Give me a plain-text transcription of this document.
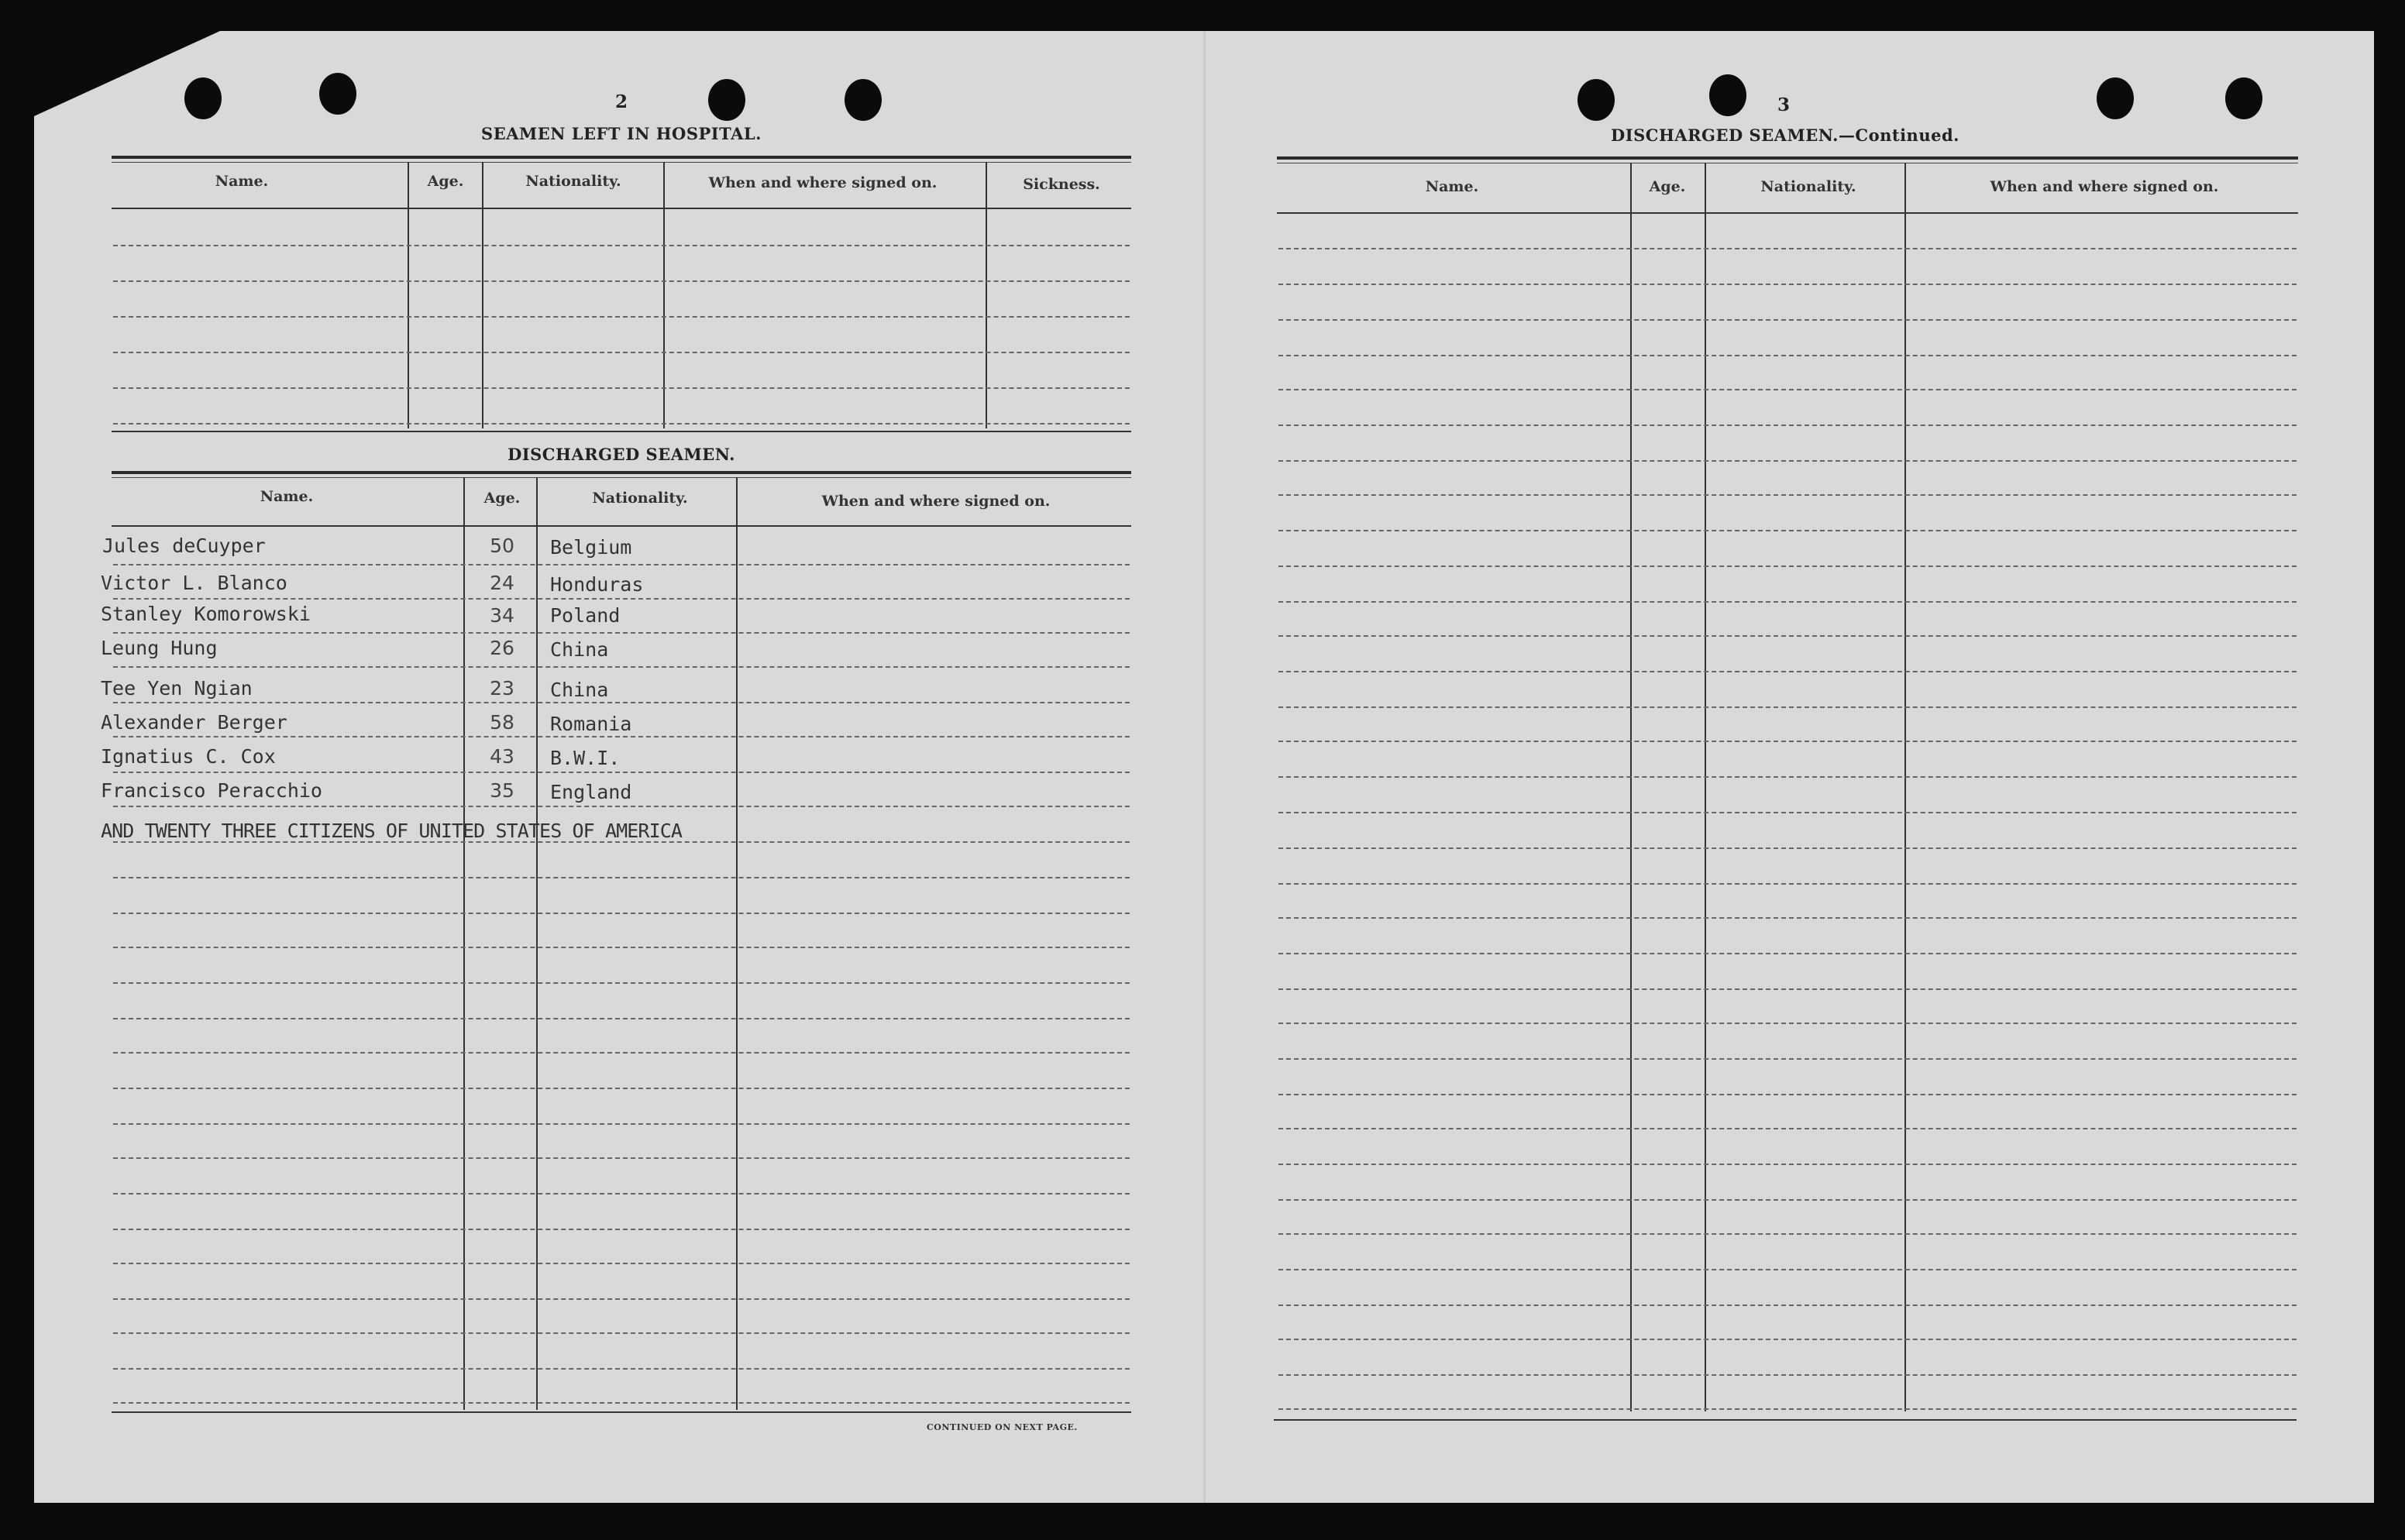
2
SEAMEN LEFT IN HOSPITAL.
Name.	Age.	Nationality.	When and where signed on.	Sickness.
DISCHARGED SEAMEN.
Name.	Age.	Nationality.	When and where signed on.
Jules deCuyper	50 Belgium
Victor L. Blanco	24 Honduras
Stanley Komorowski	34 Poland
Leung Hung	26 China
Tee Yen Ngian	23 China
Alexander Berger	58 Romania
Ignatius C. Cox	43 B.W.I.
Francisco Peracchio	35 England
AND TWENTY THREE CITIZENS OF UNITED STATES OF AMERICA
CONTINUED ON NEXT PAGE.
3
DISCHARGED SEAMEN.—Continued.
Name.	Age.	Nationality.	When and where signed on.
